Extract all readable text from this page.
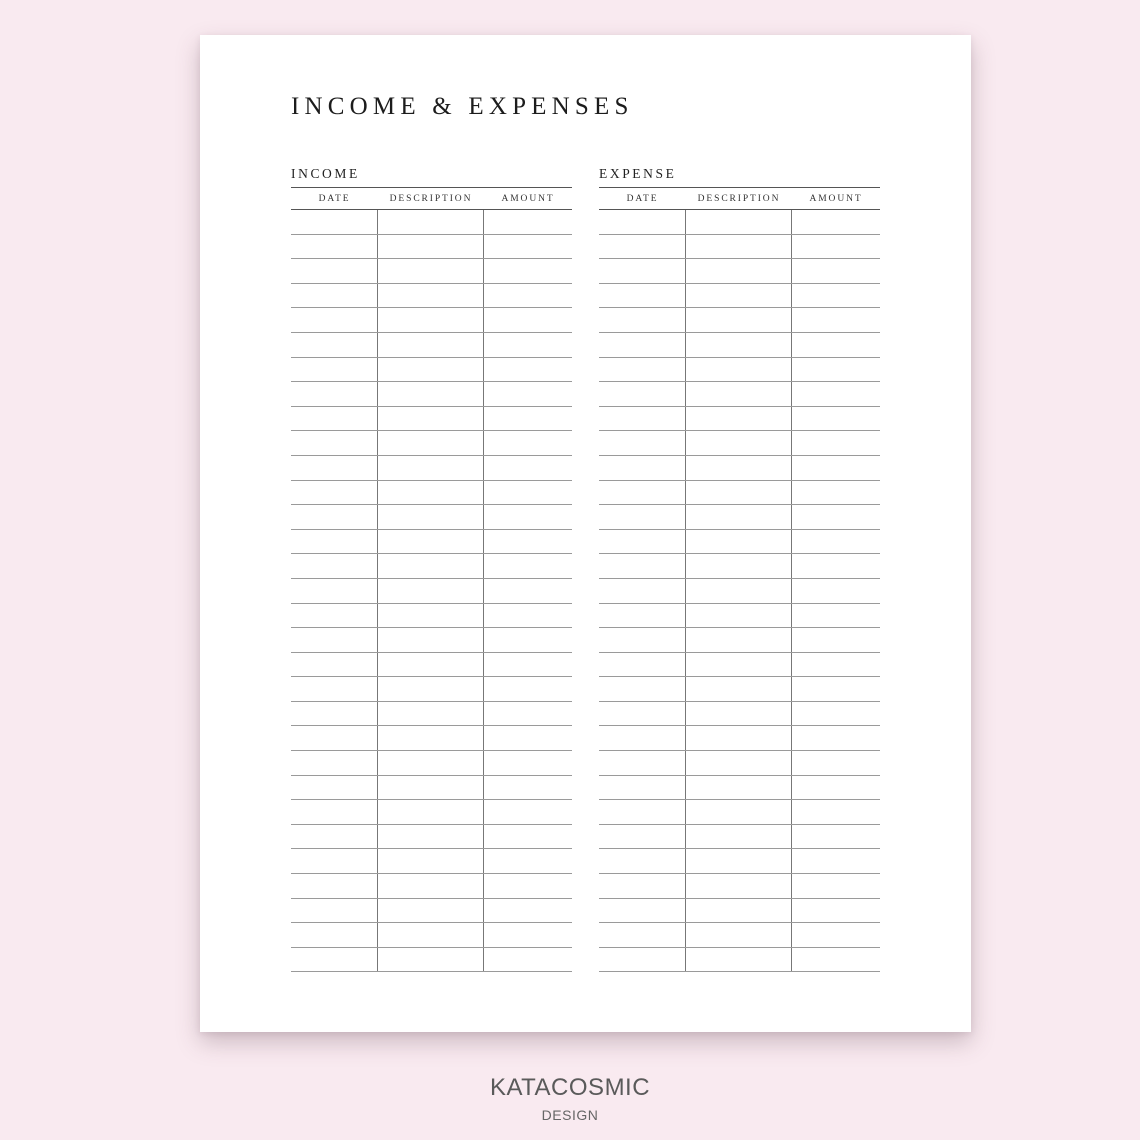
INCOME & EXPENSES
INCOME
DATE	DESCRIPTION	AMOUNT
EXPENSE
DATE	DESCRIPTION	AMOUNT
KATACOSMIC
DESIGN
